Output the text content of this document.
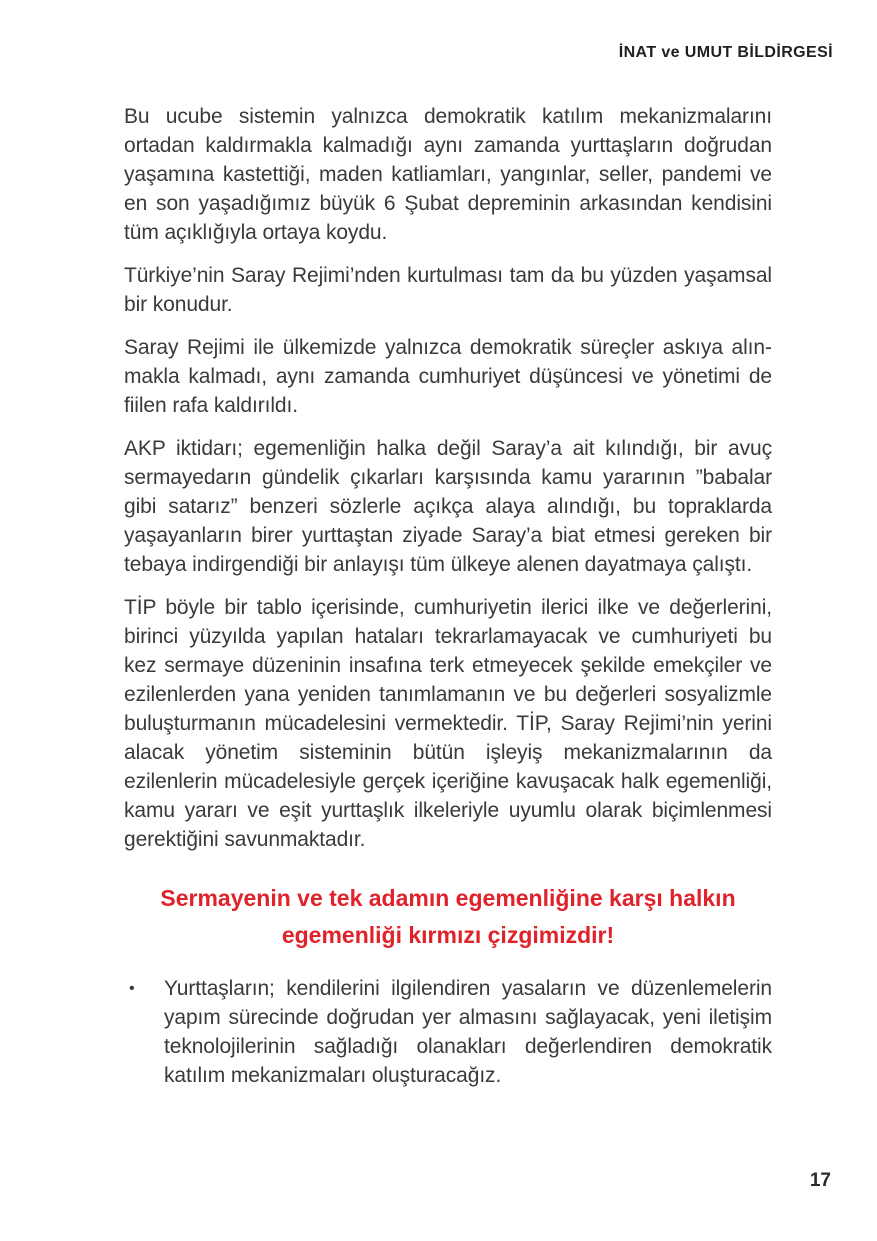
İNAT ve UMUT BİLDİRGESİ

Bu ucube sistemin yalnızca demokratik katılım mekanizmalarını ortadan kaldırmakla kalmadığı aynı zamanda yurttaşların doğrudan yaşamına kastettiği, maden katliamları, yangınlar, seller, pandemi ve en son yaşadığımız büyük 6 Şubat depreminin arkasından kendisini tüm açıklığıyla ortaya koydu.

Türkiye’nin Saray Rejimi’nden kurtulması tam da bu yüzden yaşamsal bir konudur.

Saray Rejimi ile ülkemizde yalnızca demokratik süreçler askıya alınmakla kalmadı, aynı zamanda cumhuriyet düşüncesi ve yönetimi de fiilen rafa kaldırıldı.

AKP iktidarı; egemenliğin halka değil Saray’a ait kılındığı, bir avuç sermayedarın gündelik çıkarları karşısında kamu yararının ”babalar gibi satarız” benzeri sözlerle açıkça alaya alındığı, bu topraklarda yaşayanların birer yurttaştan ziyade Saray’a biat etmesi gereken bir tebaya indirgendiği bir anlayışı tüm ülkeye alenen dayatmaya çalıştı.

TİP böyle bir tablo içerisinde, cumhuriyetin ilerici ilke ve değerlerini, birinci yüzyılda yapılan hataları tekrarlamayacak ve cumhuriyeti bu kez sermaye düzeninin insafına terk etmeyecek şekilde emekçiler ve ezilenlerden yana yeniden tanımlamanın ve bu değerleri sosyalizmle buluşturmanın mücadelesini vermektedir. TİP, Saray Rejimi’nin yerini alacak yönetim sisteminin bütün işleyiş mekanizmalarının da ezilenlerin mücadelesiyle gerçek içeriğine kavuşacak halk egemenliği, kamu yararı ve eşit yurttaşlık ilkeleriyle uyumlu olarak biçimlenmesi gerektiğini savunmaktadır.

Sermayenin ve tek adamın egemenliğine karşı halkın
egemenliği kırmızı çizgimizdir!
•	Yurttaşların; kendilerini ilgilendiren yasaların ve düzenlemelerin yapım sürecinde doğrudan yer almasını sağlayacak, yeni iletişim teknolojilerinin sağladığı olanakları değerlendiren demokratik katılım mekanizmaları oluşturacağız.
17
